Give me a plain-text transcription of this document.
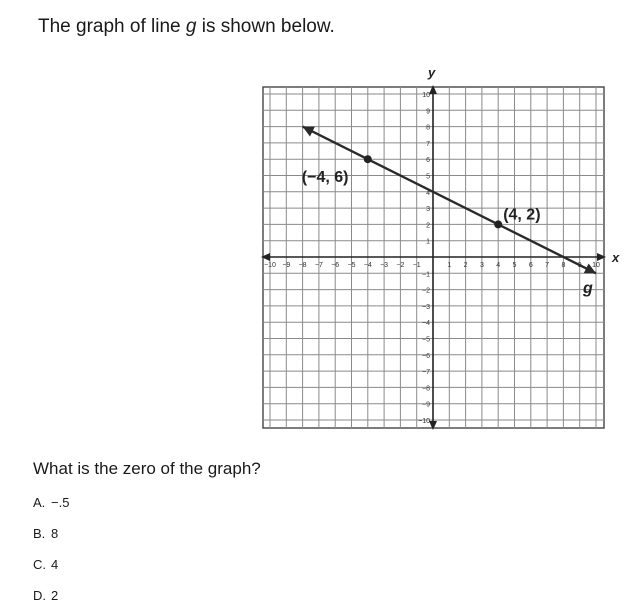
The graph of line g is shown below.
x
y
−10 −9 −8 −7 −6 −5 −4 −3 −2 −1	1 2 3 4 5 6 7 8	10
−10
−9
−8
−7
−6
−5
−4
−3
−2
−1
1
2
3
4
5
6
7
8
9
10
(−4, 6)
(4, 2)
g
What is the zero of the graph?
A. −.5
B. 8
C. 4
D. 2
